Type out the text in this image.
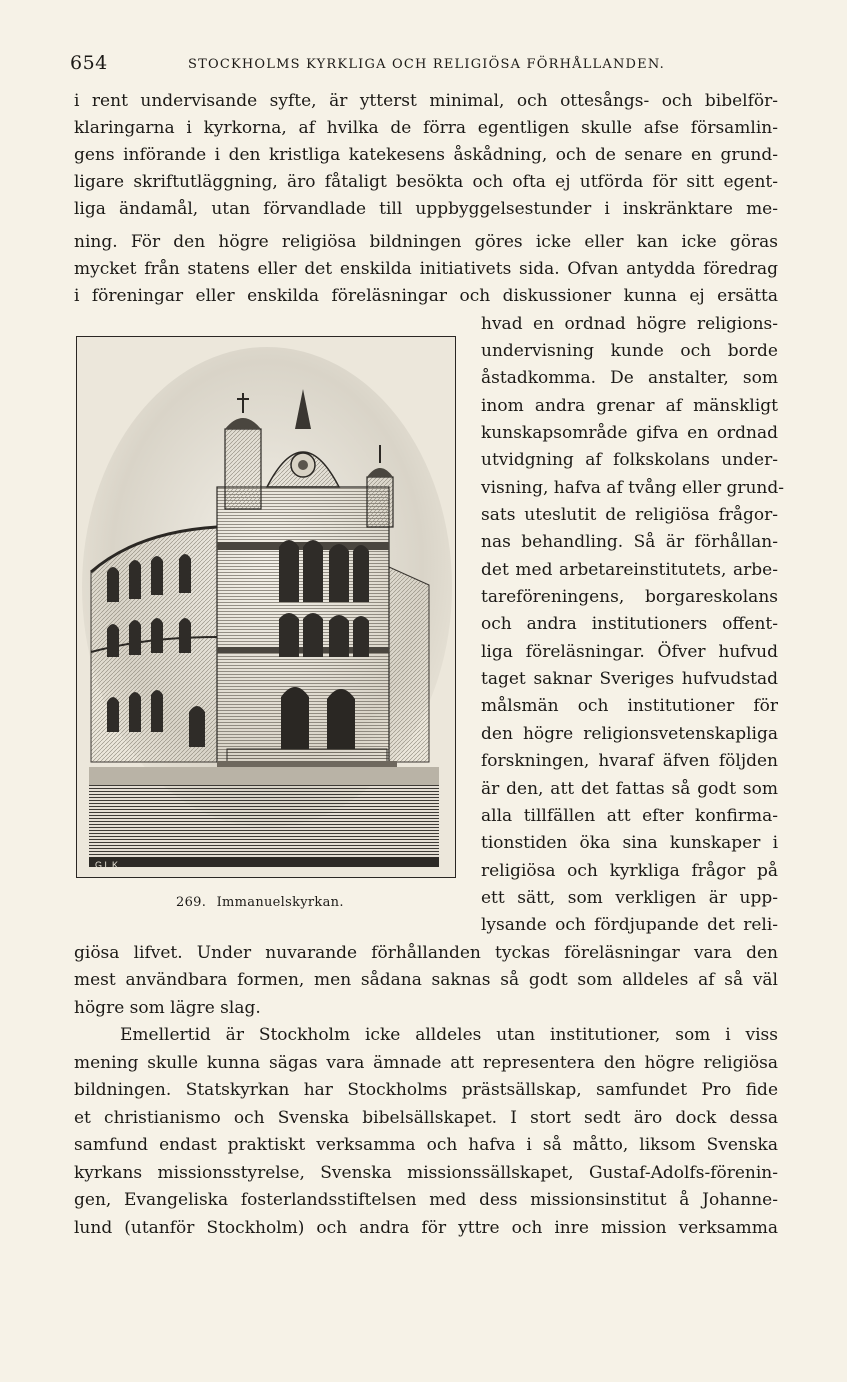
654	STOCKHOLMS KYRKLIGA OCH RELIGIÖSA FÖRHÅLLANDEN.
i rent undervisande syfte, är ytterst minimal, och ottesångs- och bibelför-
klaringarna i kyrkorna, af hvilka de förra egentligen skulle afse församlin-
gens införande i den kristliga katekesens åskådning, och de senare en grund-
ligare skriftutläggning, äro fåtaligt besökta och ofta ej utförda för sitt egent-
liga ändamål, utan förvandlade till uppbyggelsestunder i inskränktare me-
ning. För den högre religiösa bildningen göres icke eller kan icke göras
mycket från statens eller det enskilda initiativets sida. Ofvan antydda föredrag
i föreningar eller enskilda föreläsningar och diskussioner kunna ej ersätta
hvad en ordnad högre religions-
undervisning kunde och borde
åstadkomma. De anstalter, som
inom andra grenar af mänskligt
kunskapsområde gifva en ordnad
utvidgning af folkskolans under-
visning, hafva af tvång eller grund-
sats uteslutit de religiösa frågor-
nas behandling. Så är förhållan-
det med arbetareinstitutets, arbe-
tareföreningens, borgareskolans
och andra institutioners offent-
liga föreläsningar. Öfver hufvud
taget saknar Sveriges hufvudstad
målsmän och institutioner för
den högre religionsvetenskapliga
forskningen, hvaraf äfven följden
är den, att det fattas så godt som
alla tillfällen att efter konfirma-
tionstiden öka sina kunskaper i
religiösa och kyrkliga frågor på
ett sätt, som verkligen är upp-
lysande och fördjupande det reli-
giösa lifvet. Under nuvarande förhållanden tyckas föreläsningar vara den
mest användbara formen, men sådana saknas så godt som alldeles af så väl
högre som lägre slag.
Emellertid är Stockholm icke alldeles utan institutioner, som i viss
mening skulle kunna sägas vara ämnade att representera den högre religiösa
bildningen. Statskyrkan har Stockholms prästsällskap, samfundet Pro fide
et christianismo och Svenska bibelsällskapet. I stort sedt äro dock dessa
samfund endast praktiskt verksamma och hafva i så måtto, liksom Svenska
kyrkans missionsstyrelse, Svenska missionssällskapet, Gustaf-Adolfs-förenin-
gen, Evangeliska fosterlandsstiftelsen med dess missionsinstitut å Johanne-
lund (utanför Stockholm) och andra för yttre och inre mission verksamma
G.L.K
269. Immanuelskyrkan.
